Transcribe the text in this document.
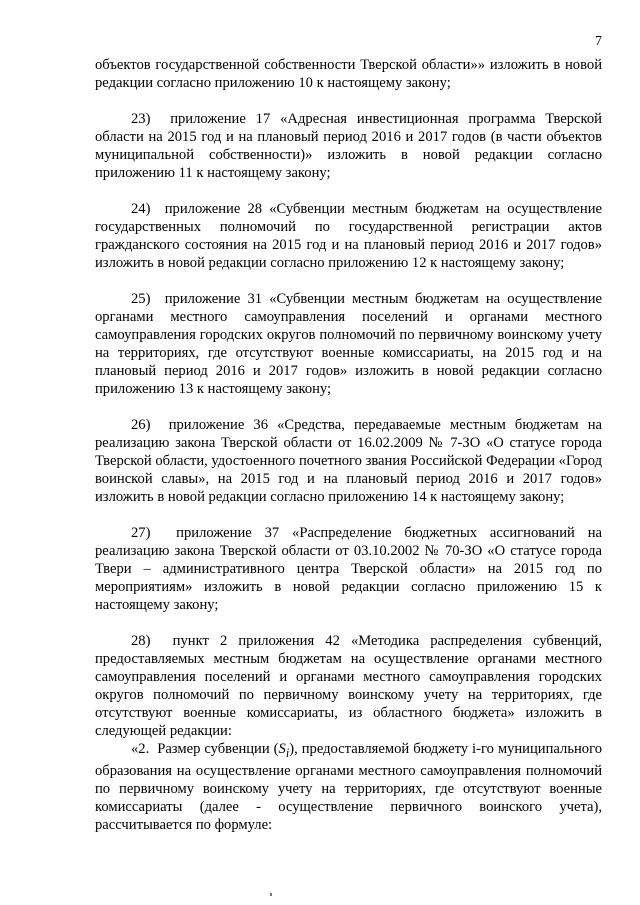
7

объектов государственной собственности Тверской области»» изложить в новой редакции согласно приложению 10 к настоящему закону;

23)  приложение 17 «Адресная инвестиционная программа Тверской области на 2015 год и на плановый период 2016 и 2017 годов (в части объектов муниципальной собственности)» изложить в новой редакции согласно приложению 11 к настоящему закону;

24)  приложение 28 «Субвенции местным бюджетам на осуществление государственных полномочий по государственной регистрации актов гражданского состояния на 2015 год и на плановый период 2016 и 2017 годов» изложить в новой редакции согласно приложению 12 к настоящему закону;

25)  приложение 31 «Субвенции местным бюджетам на осуществление органами местного самоуправления поселений и органами местного самоуправления городских округов полномочий по первичному воинскому учету на территориях, где отсутствуют военные комиссариаты, на 2015 год и на плановый период 2016 и 2017 годов» изложить в новой редакции согласно приложению 13 к настоящему закону;

26)  приложение 36 «Средства, передаваемые местным бюджетам на реализацию закона Тверской области от 16.02.2009 № 7-ЗО «О статусе города Тверской области, удостоенного почетного звания Российской Федерации «Город воинской славы», на 2015 год и на плановый период 2016 и 2017 годов» изложить в новой редакции согласно приложению 14 к настоящему закону;

27)  приложение 37 «Распределение бюджетных ассигнований на реализацию закона Тверской области от 03.10.2002 № 70-ЗО «О статусе города Твери – административного центра Тверской области» на 2015 год по мероприятиям» изложить в новой редакции согласно приложению 15 к настоящему закону;

28)  пункт 2 приложения 42 «Методика распределения субвенций, предоставляемых местным бюджетам на осуществление органами местного самоуправления поселений и органами местного самоуправления городских округов полномочий по первичному воинскому учету на территориях, где отсутствуют военные комиссариаты, из областного бюджета» изложить в следующей редакции:

«2.  Размер субвенции $(S_i)$, предоставляемой бюджету i-го муниципального образования на осуществление органами местного самоуправления полномочий по первичному воинскому учету на территориях, где отсутствуют военные комиссариаты (далее - осуществление первичного воинского учета), рассчитывается по формуле:
